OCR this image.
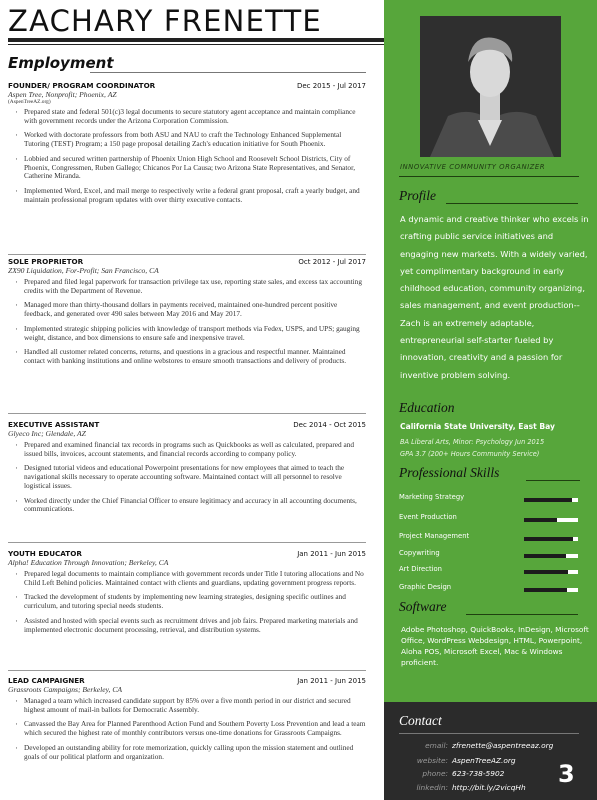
ZACHARY FRENETTE
Employment
FOUNDER/ PROGRAM COORDINATOR	Dec 2015 - Jul 2017
Aspen Tree, Nonprofit; Phoenix, AZ
(AspenTreeAZ.org)
· Prepared state and federal 501(c)3 legal documents to secure statutory agent acceptance and maintain compliance with government records under the Arizona Corporation Commission.
· Worked with doctorate professors from both ASU and NAU to craft the Technology Enhanced Supplemental Tutoring (TEST) Program; a 150 page proposal detailing Zach's education initiative for South Phoenix.
· Lobbied and secured written partnership of Phoenix Union High School and Roosevelt School Districts, City of Phoenix, Congressmen, Ruben Gallego; Chicanos Por La Causa; two Arizona State Representatives, and Senator, Catherine Miranda.
· Implemented Word, Excel, and mail merge to respectively write a federal grant proposal, craft a yearly budget, and maintain professional program updates with over thirty executive contacts.
SOLE PROPRIETOR	Oct 2012 - Jul 2017
ZX90 Liquidation, For-Profit; San Francisco, CA
· Prepared and filed legal paperwork for transaction privilege tax use, reporting state sales, and excess tax accounting credits with the Department of Revenue.
· Managed more than thirty-thousand dollars in payments received, maintained one-hundred percent positive feedback, and generated over 490 sales between May 2016 and May 2017.
· Implemented strategic shipping policies with knowledge of transport methods via Fedex, USPS, and UPS; gauging weight, distance, and box dimensions to ensure safe and inexpensive travel.
· Handled all customer related concerns, returns, and questions in a gracious and respectful manner. Maintained contact with banking institutions and online webstores to ensure smooth transactions and delivery of products.
EXECUTIVE ASSISTANT	Dec 2014 - Oct 2015
Glyeco Inc; Glendale, AZ
· Prepared and examined financial tax records in programs such as Quickbooks as well as calculated, prepared and issued bills, invoices, account statements, and financial records according to company policy.
· Designed tutorial videos and educational Powerpoint presentations for new employees that aimed to teach the navigational skills necessary to operate accounting software. Maintained contact will all personnel to resolve logistical issues.
· Worked directly under the Chief Financial Officer to ensure legitimacy and accuracy in all accounting documents, communications.
YOUTH EDUCATOR	Jan 2011 - Jun 2015
Alpha! Education Through Innovation; Berkeley, CA
· Prepared legal documents to maintain compliance with government records under Title I tutoring allocations and No Child Left Behind policies. Maintained contact with clients and guardians, updating government progress reports.
· Tracked the development of students by implementing new learning strategies, designing specific outlines and curriculum, and tutoring special needs students.
· Assisted and hosted with special events such as recruitment drives and job fairs. Prepared marketing materials and implemented electronic document processing, retrieval, and distribution systems.
LEAD CAMPAIGNER	Jan 2011 - Jun 2015
Grassroots Campaigns; Berkeley, CA
· Managed a team which increased candidate support by 85% over a five month period in our district and secured highest amount of mail-in ballots for Democratic Assembly.
· Canvassed the Bay Area for Planned Parenthood Action Fund and Southern Poverty Loss Prevention and lead a team which secured the highest rate of monthly contributors versus one-time donations for Grassroots Campaigns.
· Developed an outstanding ability for rote memorization, quickly calling upon the mission statement and outlined goals of our political platform and organization.
INNOVATIVE COMMUNITY ORGANIZER
Profile
A dynamic and creative thinker who excels in crafting public service initiatives and engaging new markets. With a widely varied, yet complimentary background in early childhood education, community organizing, sales management, and event production-- Zach is an extremely adaptable, entrepreneurial self-starter fueled by innovation, creativity and a passion for inventive problem solving.
Education
California State University, East Bay
BA Liberal Arts, Minor: Psychology Jun 2015
GPA 3.7 (200+ Hours Community Service)
Professional Skills
Marketing Strategy
Event Production
Project Management
Copywriting
Art Direction
Graphic Design
Software
Adobe Photoshop, QuickBooks, InDesign, Microsoft Office, WordPress Webdesign, HTML, Powerpoint, Aloha POS, Microsoft Excel, Mac & Windows proficient.
Contact
email: zfrenette@aspentreeaz.org
website: AspenTreeAZ.org
phone: 623-738-5902
linkedin: http://bit.ly/2vicqHh 3
